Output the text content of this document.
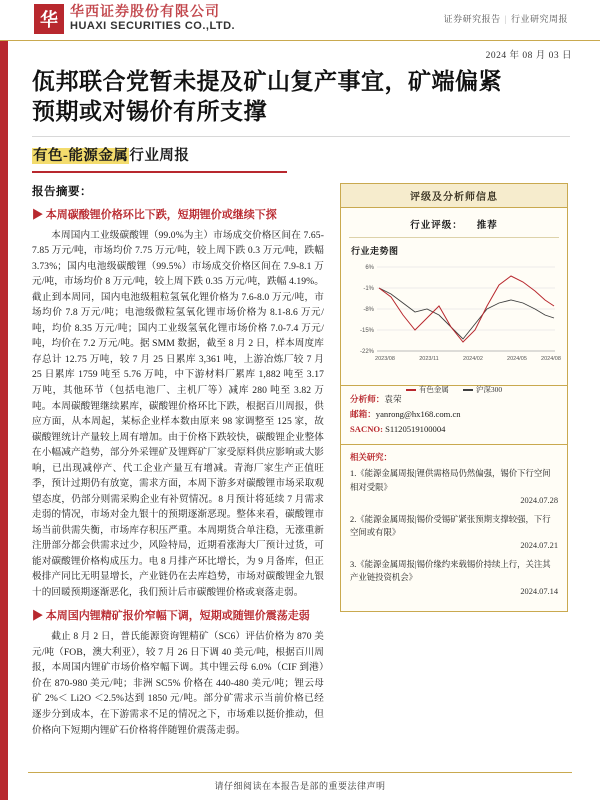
华 华西证券股份有限公司
HUAXI SECURITIES CO.,LTD.
证券研究报告 | 行业研究周报
2024 年 08 月 03 日
佤邦联合党暂未提及矿山复产事宜，矿端偏紧
预期或对锡价有所支撑
有色-能源金属行业周报
报告摘要：
▶ 本周碳酸锂价格环比下跌，短期锂价或继续下探

本周国内工业级碳酸锂（99.0%为主）市场成交价格区间在 7.65-7.85 万元/吨，市场均价 7.75 万元/吨，较上周下跌 0.3 万元/吨，跌幅 3.73%；国内电池级碳酸锂（99.5%）市场成交价格区间在 7.9-8.1 万元/吨，市场均价 8 万元/吨，较上周下跌 0.35 万元/吨，跌幅 4.19%。截止到本周同，国内电池级粗粒氢氧化锂价格为 7.6-8.0 万元/吨，市场均价 7.8 万元/吨；电池级微粒氢氧化锂市场价格为 8.1-8.6 万元/吨，均价 8.35 万元/吨；国内工业级氢氧化锂市场价格 7.0-7.4 万元/吨，均价在 7.2 万元/吨。据 SMM 数据，截至 8 月 2 日，样本周度库存总计 12.75 万吨，较 7 月 25 日累库 3,361 吨，上游冶炼厂较 7 月 25 日累库 1759 吨至 5.76 万吨，中下游材料厂累库 1,882 吨至 3.17 万吨，其他环节（包括电池厂、主机厂等）减库 280 吨至 3.82 万吨。本周碳酸锂继续累库，碳酸锂价格环比下跌，根据百川周报，供应方面，从本周起，某标企业样本数由原来 98 家调整至 125 家，故碳酸锂统计产量较上周有增加。由于价格下跌较快，碳酸锂企业整体在小幅减产趋势，部分外采锂矿及锂辉矿厂家受原料供应影响或大影响，已出现减停产、代工企业产量互有增减。青海厂家生产正值旺季，预计过期仍有放宽，需求方面，本周下游多对碳酸锂市场采取观望态度，仍部分则需采购企业有补贸情况。8 月预计将延续 7 月需求走弱的情况，市场对金九银十的预期逐渐恶现。整体来看，碳酸锂市场当前供需失衡，市场库存积压严重。本周期货合单注稳，无涨重新注册部分都会供需求过少，风险特局，近期看涨海大厂预计过货，可能对碳酸锂价格构成压力。电 8 月排产环比增长，为 9 月备库，但正极排产同比无明显增长，产业链仍在去库趋势，市场对碳酸锂金九银十的回暖预期逐渐恶化，我们预计后市碳酸锂价格或衰落走弱。

▶ 本周国内锂精矿报价窄幅下调，短期或随锂价震荡走弱

截止 8 月 2 日，普氏能源资询锂精矿（SC6）评估价格为 870 美元/吨（FOB，澳大利亚），较 7 月 26 日下调 40 美元/吨，根据百川周报，本周国内锂矿市场价格窄幅下调。其中锂云母 6.0%（CIF 到港）价在 870-980 美元/吨；非洲 SC5% 价格在 440-480 美元/吨；锂云母矿 2%＜ Li2O ＜2.5%达到 1850 元/吨。部分矿需求示当前价格已经逐步分到成本，在下游需求不足的情况之下，市场难以挺价推动，但价格向下短期内锂矿石价格将伴随锂价震荡走弱。

评级及分析师信息
行业评级： 推荐
行业走势图
6%
-1%
-8%
-15%
-22%
2023/08	2023/11	2024/02	2024/05	2024/08
有色金属	沪深300
分析师：袁荣
邮箱：yanrong@hx168.com.cn
SACNO: S1120519100004
相关研究：
1.《能源金属周报|锂供需格局仍然偏强，锡价下行空间相对受限》
2024.07.28
2.《能源金属周报|锡价受锡矿紧张预期支撑较强，下行空间或有限》
2024.07.21
3.《能源金属周报|锡价缘约来载锡价持续上行，关注其产业链投资机会》
2024.07.14
请仔细阅读在本报告是部的重要法律声明
